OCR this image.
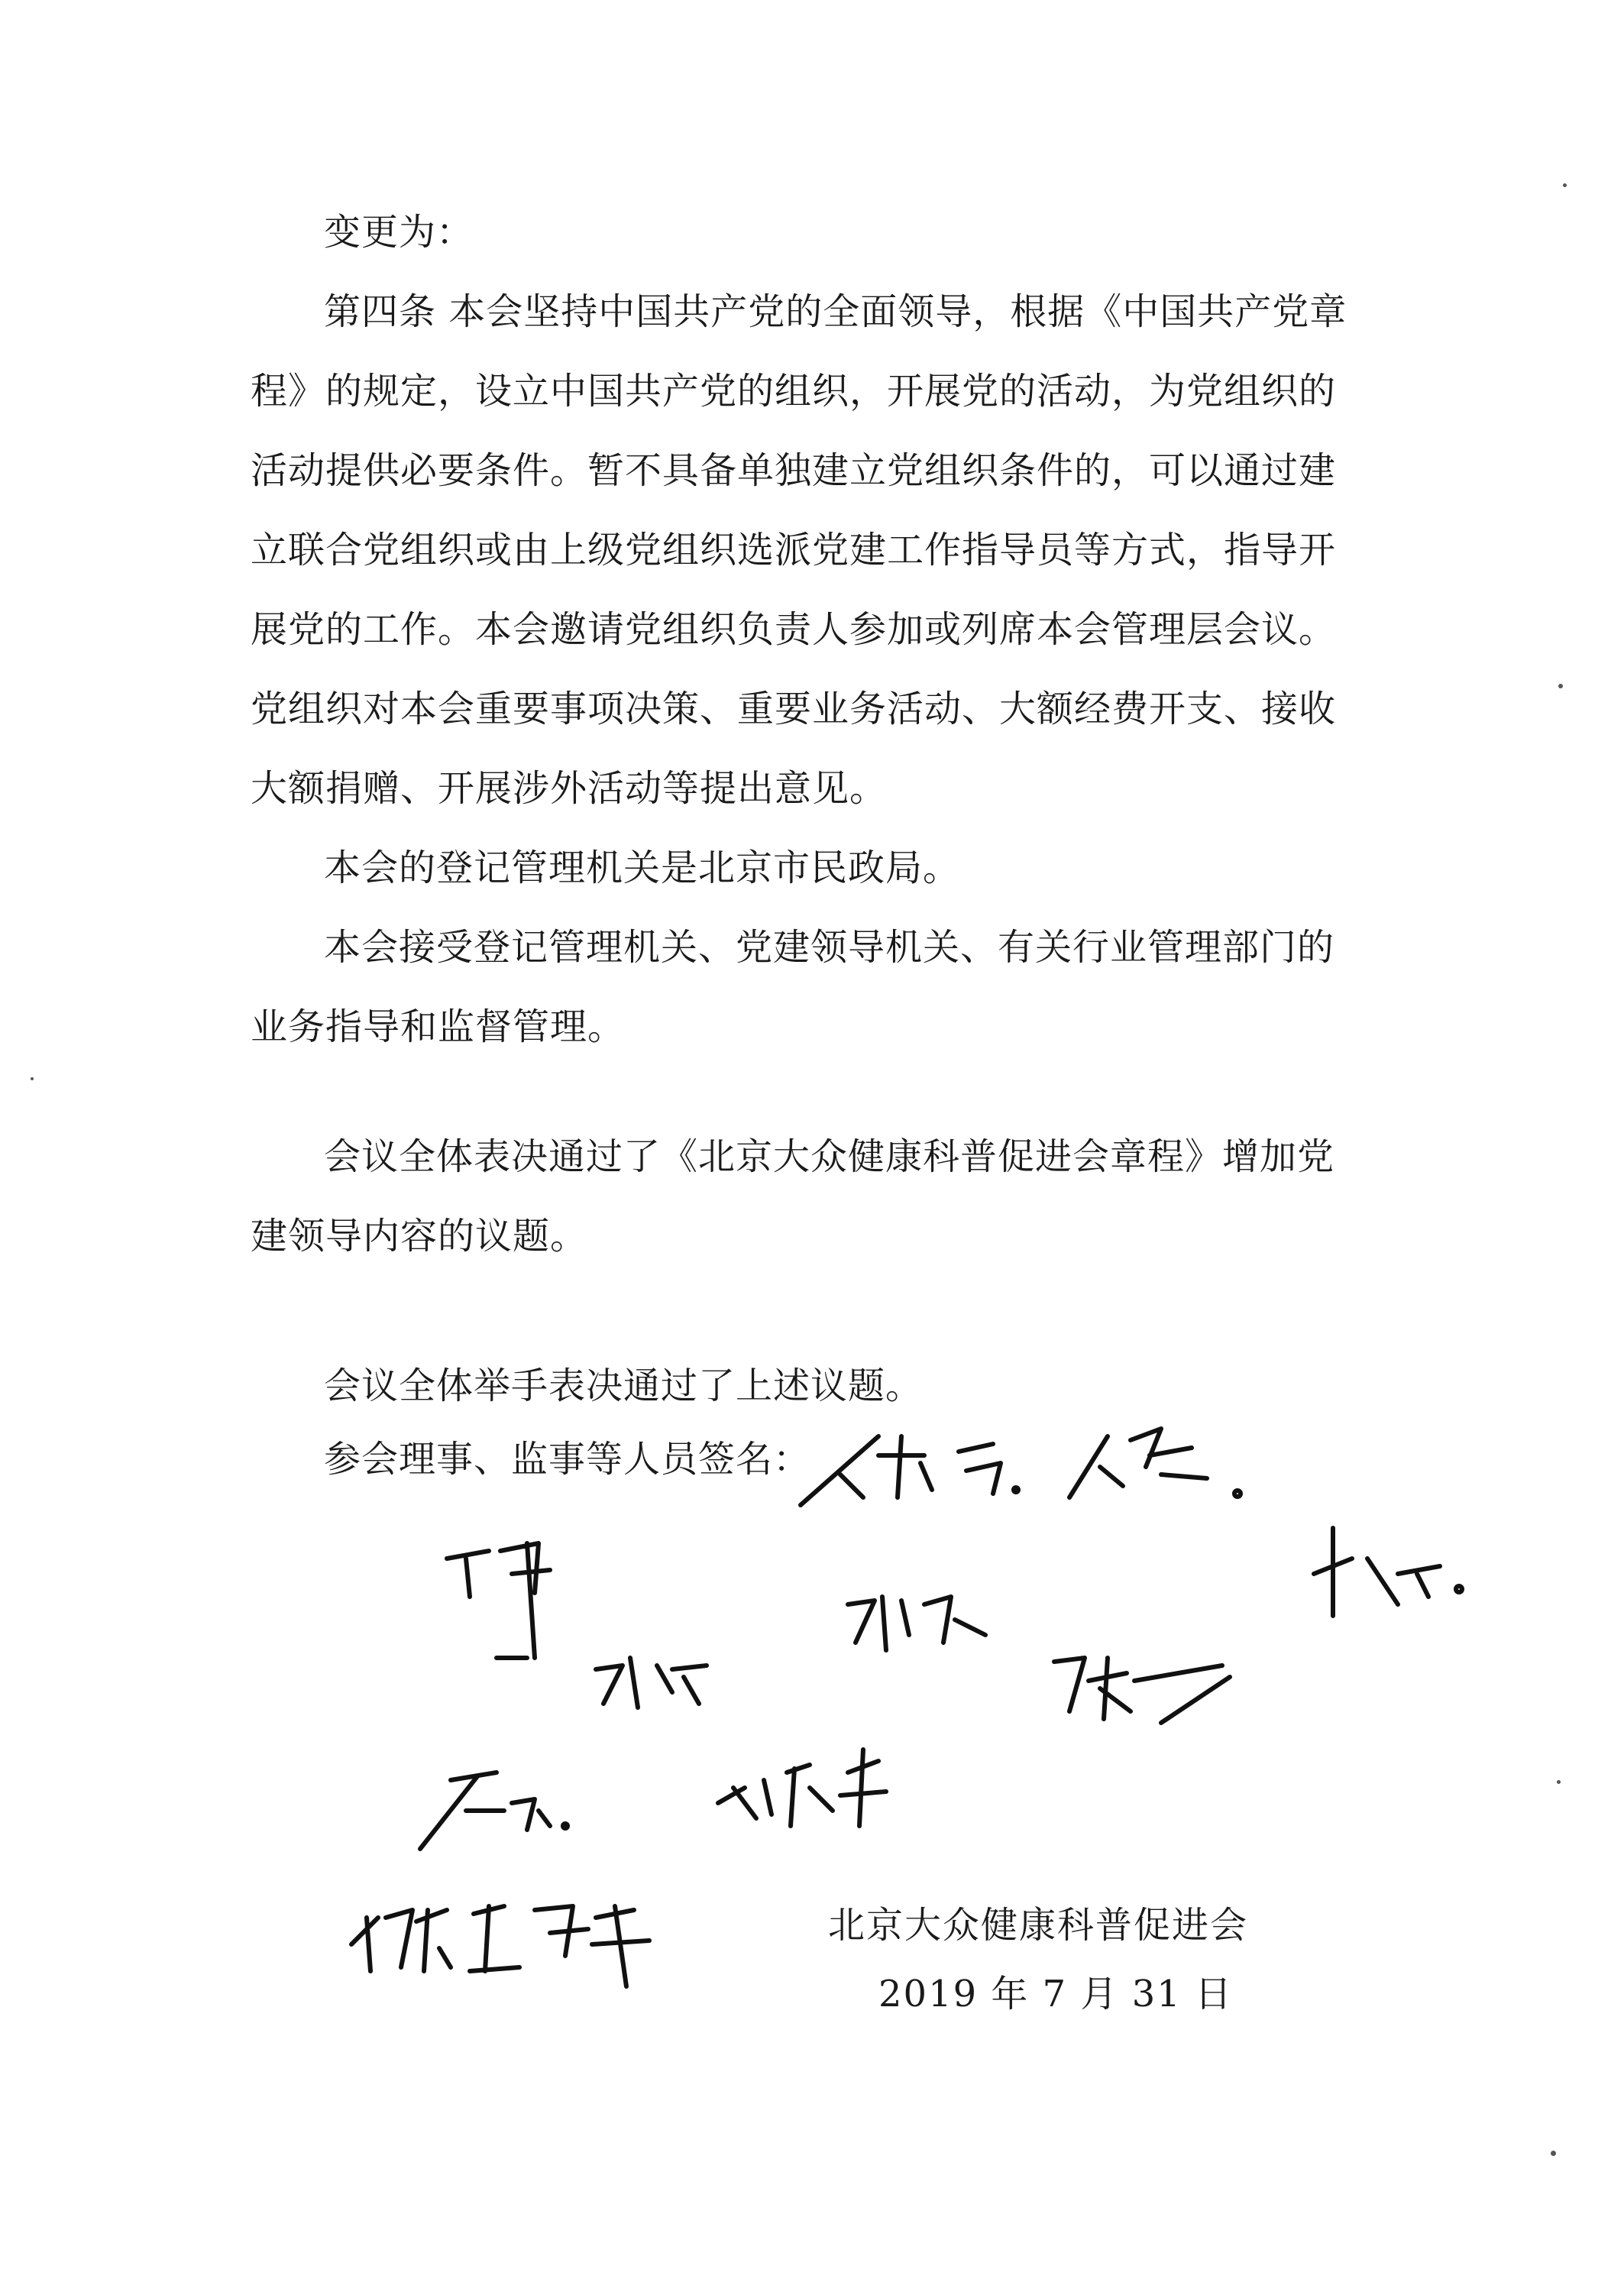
变更为：

第四条 本会坚持中国共产党的全面领导，根据《中国共产党章程》的规定，设立中国共产党的组织，开展党的活动，为党组织的活动提供必要条件。暂不具备单独建立党组织条件的，可以通过建立联合党组织或由上级党组织选派党建工作指导员等方式，指导开展党的工作。本会邀请党组织负责人参加或列席本会管理层会议。党组织对本会重要事项决策、重要业务活动、大额经费开支、接收大额捐赠、开展涉外活动等提出意见。

本会的登记管理机关是北京市民政局。

本会接受登记管理机关、党建领导机关、有关行业管理部门的业务指导和监督管理。

会议全体表决通过了《北京大众健康科普促进会章程》增加党建领导内容的议题。

会议全体举手表决通过了上述议题。

参会理事、监事等人员签名：
北京大众健康科普促进会
2019 年 7 月 31 日
